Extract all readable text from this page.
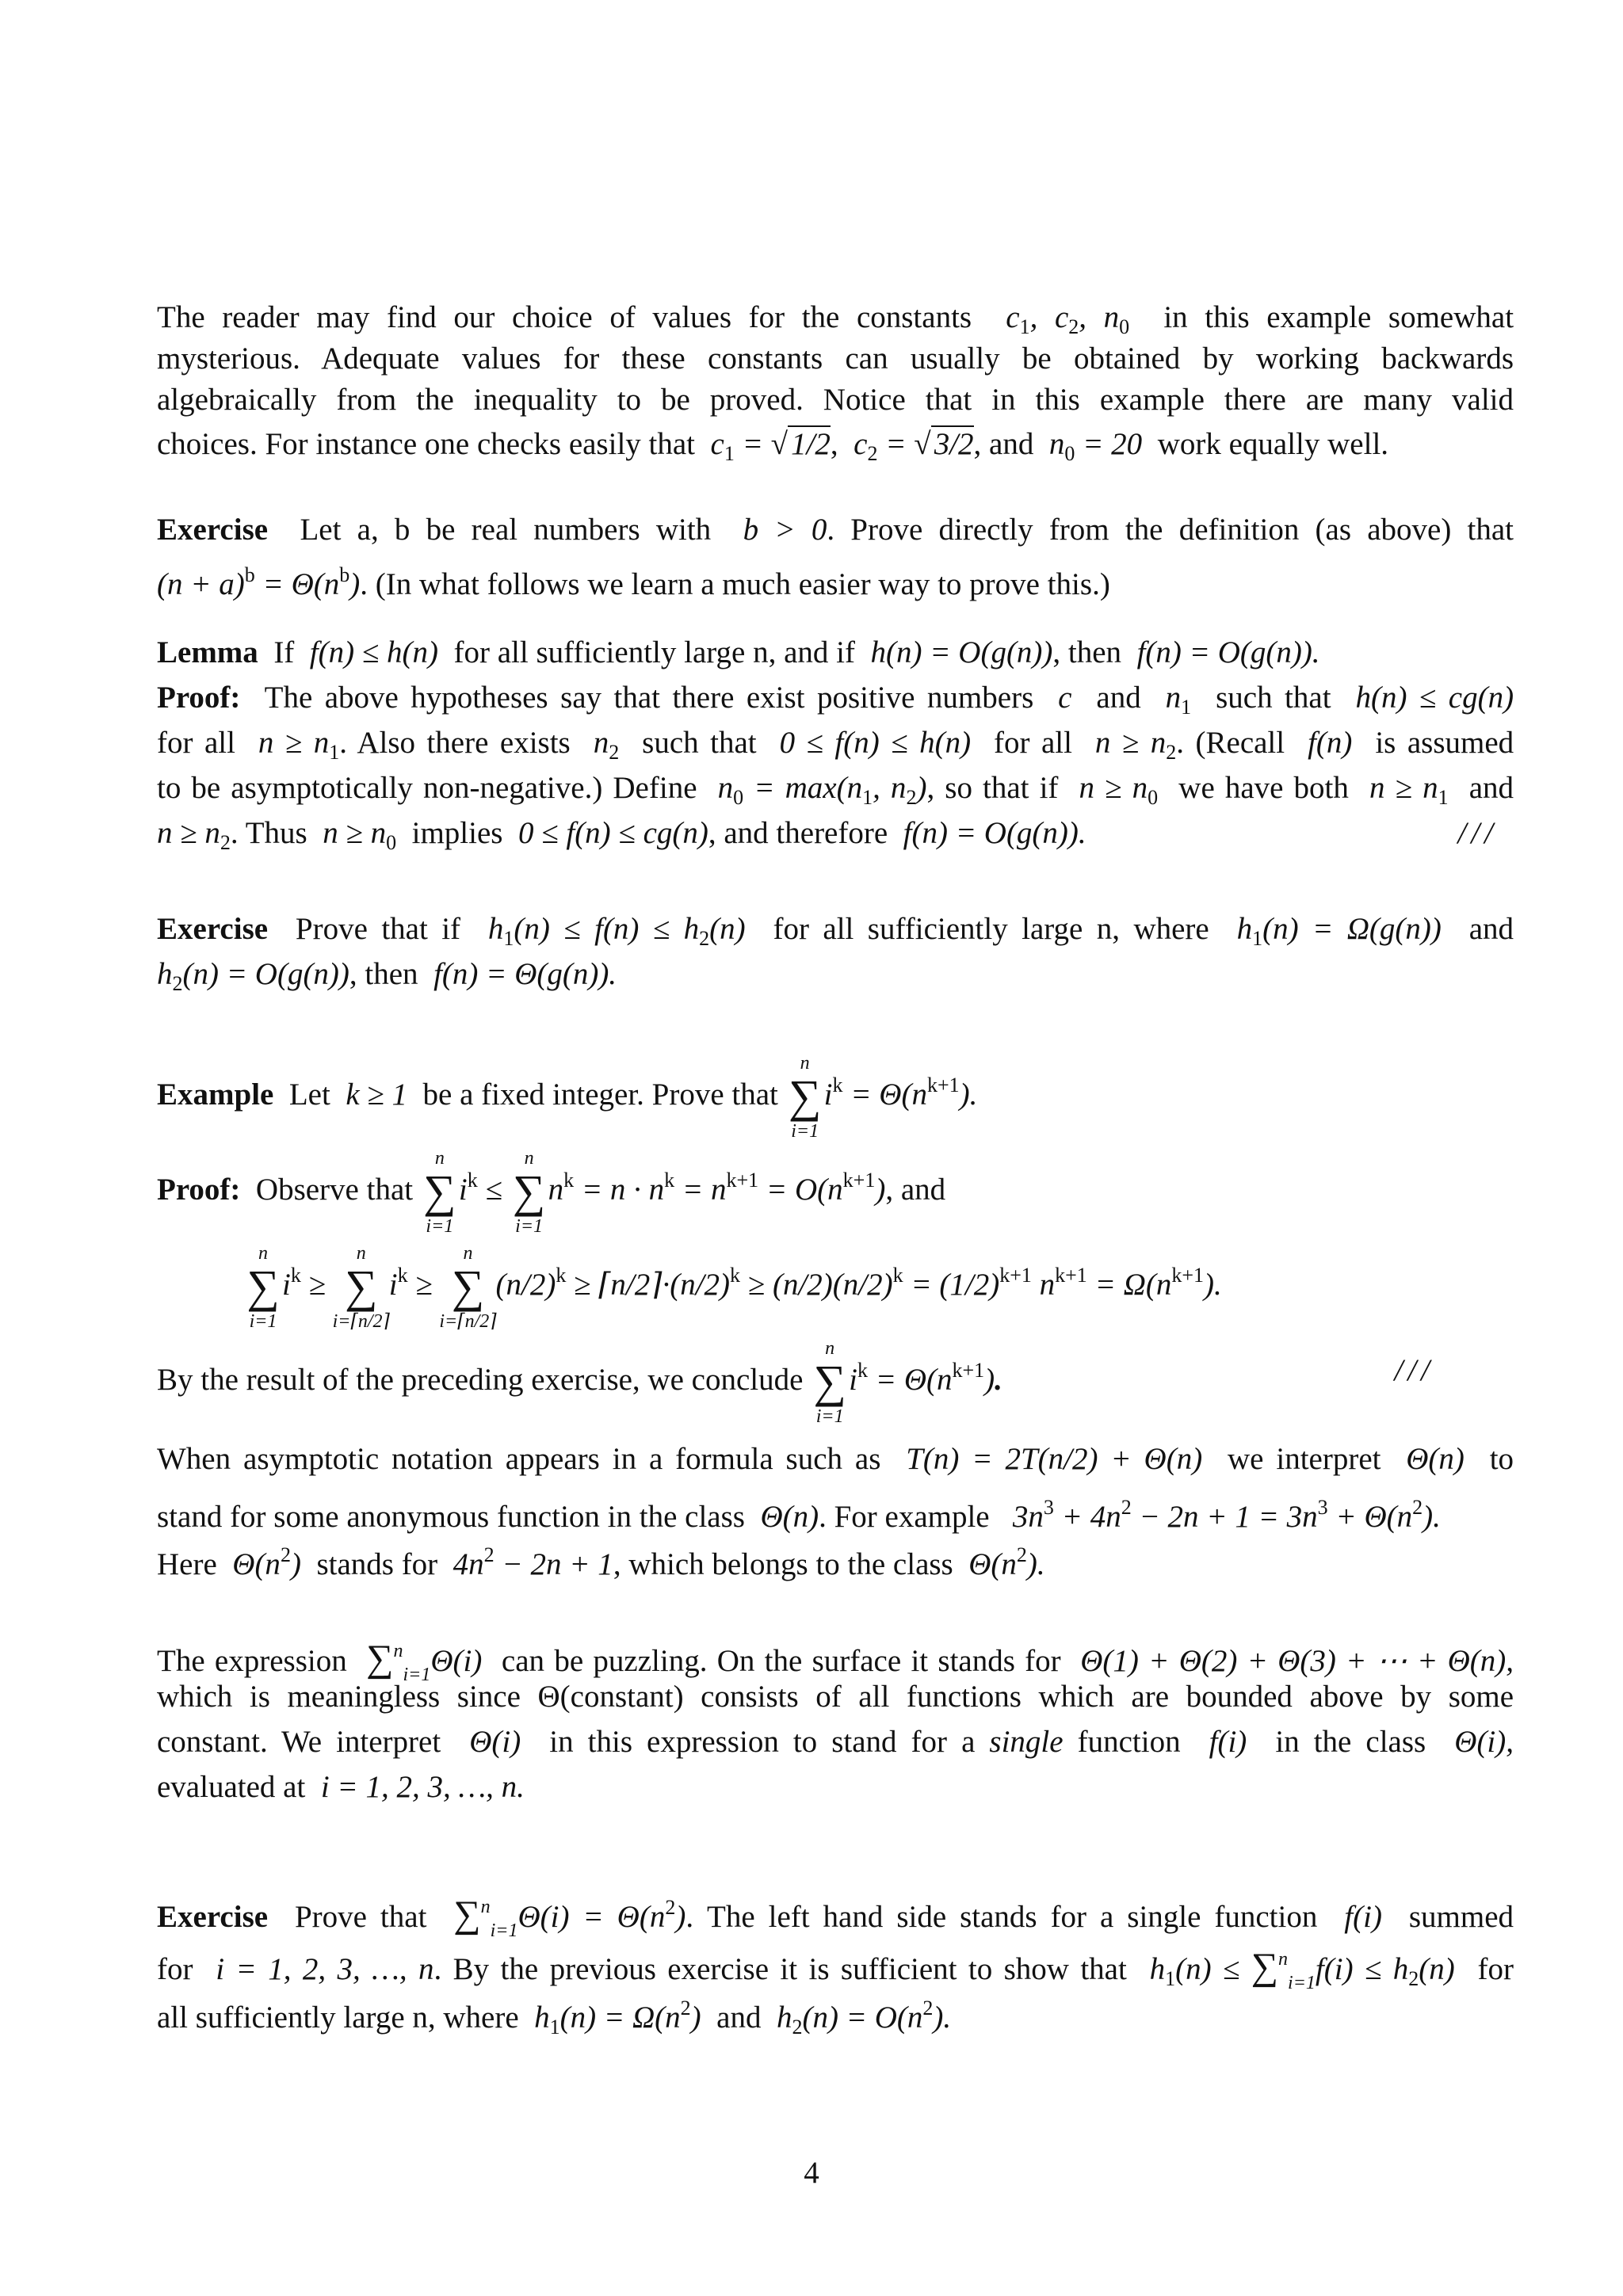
The reader may find our choice of values for the constants  $c_1$, $c_2$, $n_0$ in this example somewhat
mysterious. Adequate values for these constants can usually be obtained by working backwards
algebraically from the inequality to be proved. Notice that in this example there are many valid
choices. For instance one checks easily that  $c_1$ = √ 1/2,  $c_2$ = √ 3/2, and  $n_0 = 20$  work equally well.
Exercise Let a, b be real numbers with  b > 0. Prove directly from the definition (as above) that
$(n + a)^b = \Theta(n^b)$. (In what follows we learn a much easier way to prove this.)
Lemma If  f(n) ≤ h(n)  for all sufficiently large n, and if  h(n) = O(g(n)), then  f(n) = O(g(n)).
Proof: The above hypotheses say that there exist positive numbers  c  and  $n_1$ such that  h(n) ≤ cg(n)
for all  $n \ge n_1$. Also there exists  $n_2$ such that  0 ≤ f(n) ≤ h(n)  for all  $n \ge n_2$. (Recall  f(n)  is assumed
to be asymptotically non-negative.) Define  $n_0 = \max(n_1$, $n_2$), so that if  $n \ge n_0$ we have both  $n \ge n_1$ and
$n \ge n_2$. Thus  $n \ge n_0$ implies  0 ≤ f(n) ≤ cg(n), and therefore  f(n) = O(g(n)).	///
Exercise Prove that if  $h_1(n) \le f(n) \le h_2(n)$  for all sufficiently large n, where  $h_1(n) = \Omega(g(n))$  and
$h_2(n) = O(g(n))$, then  f(n) = Θ(g(n)).
Example Let  k ≥ 1  be a fixed integer. Prove that
n
∑
i=1
$i^k = \Theta(n^{k+1})$.
Proof: Observe that
n
∑
i=1
$i^k$ ≤
n
∑
i=1
$n^k = n \cdot n^k = n^{k+1} = O(n^{k+1})$, and
n
∑
i=1
$i^k$ ≥
n
∑
i=⌈n/2⌉
$i^k$ ≥
n
∑
i=⌈n/2⌉
$(n/2)^k$ ≥ $⌈n/2⌉\cdot(n/2)^k \ge (n/2)(n/2)^k = (1/2)^{k+1}$ $n^{k+1} = \Omega(n^{k+1})$.
By the result of the preceding exercise, we conclude
n
∑
i=1
$i^k = \Theta(n^{k+1})$.	///
When asymptotic notation appears in a formula such as  T(n) = 2T(n/2) + Θ(n)  we interpret  Θ(n)  to
stand for some anonymous function in the class  Θ(n). For example   $3n^3 + 4n^2 - 2n + 1 = 3n^3 + \Theta(n^2)$.
Here  $\Theta(n^2)$  stands for  $4n^2 - 2n + 1$, which belongs to the class  $\Theta(n^2)$.
The expression ∑$^n_{i=1}$Θ(i)  can be puzzling. On the surface it stands for  Θ(1) + Θ(2) + Θ(3) + ⋯ + Θ(n),
which is meaningless since Θ(constant) consists of all functions which are bounded above by some
constant. We interpret  Θ(i)  in this expression to stand for a single function  f(i)  in the class  Θ(i),
evaluated at  i = 1, 2, 3, …, n.
Exercise Prove that $\sum^n_{i=1}\Theta(i) = \Theta(n^2)$. The left hand side stands for a single function  f(i)  summed
for  i = 1, 2, 3, …, n. By the previous exercise it is sufficient to show that  $h_1(n) \le \sum^n_{i=1}f(i) \le h_2(n)$  for
all sufficiently large n, where  $h_1(n) = \Omega(n^2)$  and  $h_2(n) = O(n^2)$.
4
